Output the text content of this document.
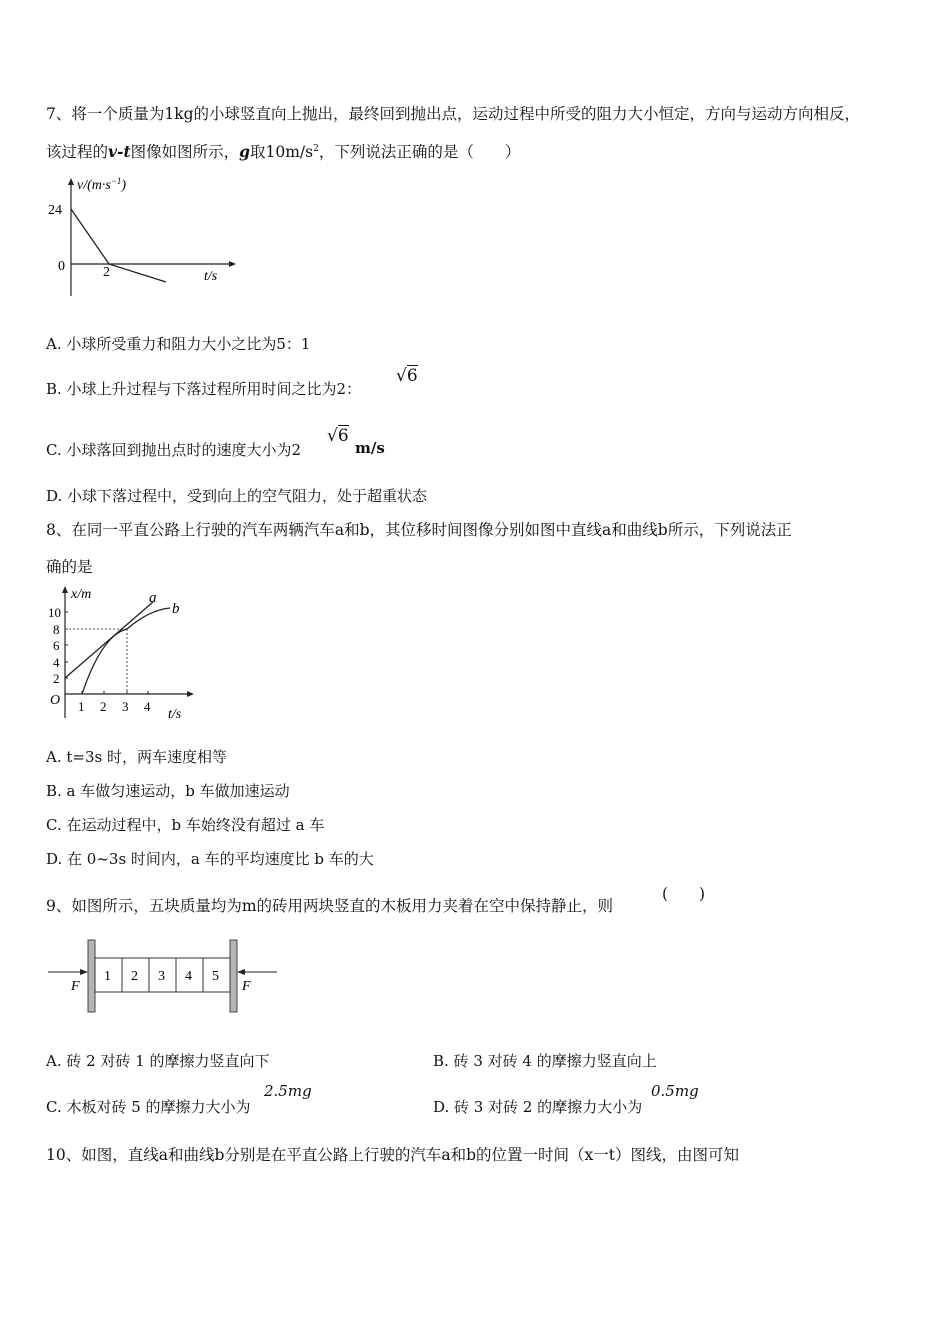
7、将一个质量为1kg的小球竖直向上抛出，最终回到抛出点，运动过程中所受的阻力大小恒定，方向与运动方向相反，
该过程的v-t图像如图所示，g取$10m/s^2$，下列说法正确的是（　　）
24
0	2
$v/(m\cdot s^{-1})$
t/s
A. 小球所受重力和阻力大小之比为5：1
B. 小球上升过程与下落过程所用时间之比为2：
√6
C. 小球落回到抛出点时的速度大小为2
√6
m/s
D. 小球下落过程中，受到向上的空气阻力，处于超重状态
8、在同一平直公路上行驶的汽车两辆汽车a和b，其位移时间图像分别如图中直线a和曲线b所示，下列说法正
确的是
10
8
6
4
2
O 1 2 3 4
x/m
t/s
a
b
A. t=3s 时，两车速度相等
B. a 车做匀速运动，b 车做加速运动
C. 在运动过程中，b 车始终没有超过 a 车
D. 在 0~3s 时间内，a 车的平均速度比 b 车的大
9、如图所示，五块质量均为m的砖用两块竖直的木板用力夹着在空中保持静止，则
(　　)
1 2 3 4 5
F	F
A. 砖 2 对砖 1 的摩擦力竖直向下	B. 砖 3 对砖 4 的摩擦力竖直向上
C. 木板对砖 5 的摩擦力大小为
2.5mg
D. 砖 3 对砖 2 的摩擦力大小为
0.5mg
10、如图，直线a和曲线b分别是在平直公路上行驶的汽车a和b的位置一时间（x一t）图线，由图可知
